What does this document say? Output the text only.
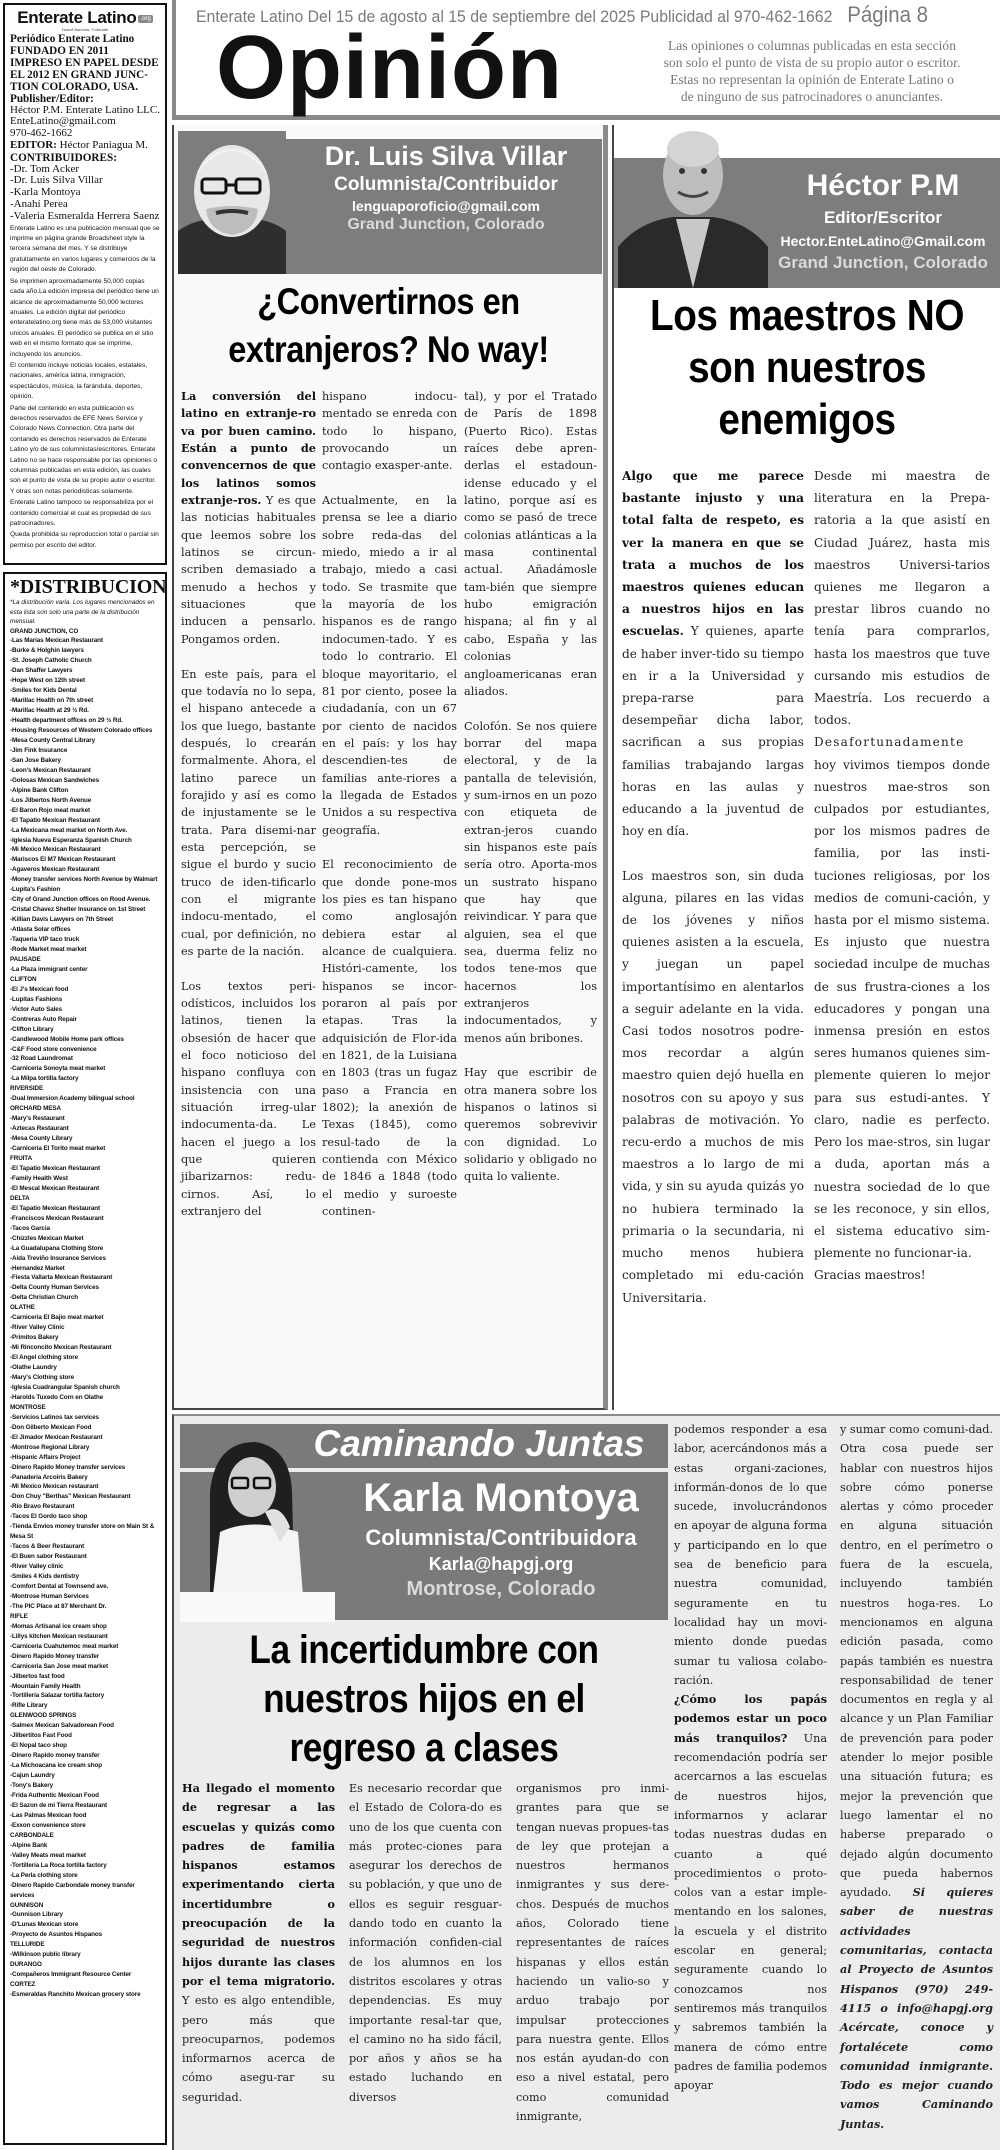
Enterate Latino .org
Grand Junction, Colorado
Periódico Enterate Latino
FUNDADO EN 2011
IMPRESO EN PAPEL DESDE EL 2012 EN GRAND JUNC-TION COLORADO, USA.
Publisher/Editor:
Héctor P.M. Enterate Latino LLC.
EnteLatino@gmail.com
970-462-1662
EDITOR: Héctor Paniagua M.
CONTRIBUIDORES:
-Dr. Tom Acker
-Dr. Luis Silva Villar
-Karla Montoya
-Anahí Perea
-Valeria Esmeralda Herrera Saenz
Enterate Latino es una publicación mensual que se imprime en página grande Broadsheet style la tercera semana del mes. Y se distribuye gratuitamente en varios lugares y comercios de la región del oeste de Colorado.
Se imprimen aproximadamente 50,000 copias cada año.La edición impresa del periódico tiene un alcance de aproximadamente 50,000 lectores anuales. La edición digital del periódico enteratelatino.org tiene más de 53,000 visitantes unicos anuales. El periódico se publica en el sitio web en el mismo formato que se imprime, incluyendo los anuncios.
El contenido incluye noticias locales, estatales, nacionales, américa latina, inmigración, espectáculos, música, la farándula, deportes, opinión.
Parte del contenido en esta publicación es derechos reservados de EFE News Service y Colorado News Connection. Otra parte del contanido es derechos reservados de Enterate Latino y/o de sus columnistas/escritores. Enterate Latino no se hace responsable por las opiniones o columnas publicadas en esta edición, las cuales son el punto de vista de su propio autor o escritor. Y otras son notas periodisticas solamente.
Enterate Latino tampoco se responsabiliza por el contenido comercial el cual es propiedad de sus patrocinadores.
Queda prohibida su reproduccion total o parcial sin permiso por escrito del editor.
*DISTRIBUCION
*La distribución varia. Los lugares mencionados en esta lista son solo una parte de la distribución mensual.
GRAND JUNCTION, CO
-Las Marias Mexican Restaurant
-Burke & Holghin lawyers
-St. Joseph Catholic Church
-Dan Shaffer Lawyers
-Hope West on 12th street
-Smiles for Kids Dental
-Marillac Health on 7th street
-Marillac Health at 29 ½ Rd.
-Health department offices on 29 ½ Rd.
-Housing Resources of Western Colorado offices
-Mesa County Central Library
-Jim Fink Insurance
-San Jose Bakery
-Leon's Mexican Restaurant
-Golosas Mexican Sandwiches
-Alpine Bank Clifton
-Los Jilbertos North Avenue
-El Baron Rojo meat market
-El Tapatio Mexican Restaurant
-La Mexicana meat market on North Ave.
-Iglesia Nueva Esperanza Spanish Church
-Mi Mexico Mexican Restaurant
-Mariscos El M7 Mexican Restaurant
-Agaveros Mexican Restaurant
-Money transfer services North Avenue by Walmart
-Lupita's Fashion
-City of Grand Junction offices on Rood Avenue.
-Cristal Chavez Shelter Insurance on 1st Street
-Killian Davis Lawyers on 7th Street
-Atlasta Solar offices
-Taqueria VIP taco truck
-Rode Market meat market
PALISADE
-La Plaza immigrant center
CLIFTON
-El J's Mexican food
-Lupitas Fashions
-Victor Auto Sales
-Contreras Auto Repair
-Clifton Library
-Candlewood Mobile Home park offices
-C&F Food store convenience
-32 Road Laundromat
-Carniceria Sonoyta meat market
-La Milpa tortilla factory
RIVERSIDE
-Dual Immersion Academy bilingual school
ORCHARD MESA
-Mary's Restaurant
-Aztecas Restaurant
-Mesa County Library
-Carniceria El Torito meat market
FRUITA
-El Tapatio Mexican Restaurant
-Family Health West
-El Mescal Mexican Restaurant
DELTA
-El Tapatio Mexican Restaurant
-Franciscos Mexican Restaurant
-Tacos Garcia
-Chizzles Mexican Market
-La Guadalupana Clothing Store
-Aida Treviño Insurance Services
-Hernandez Market
-Fiesta Vallarta Mexican Restaurant
-Delta County Human Services
-Delta Christian Church
OLATHE
-Carniceria El Bajio meat market
-River Valley Clinic
-Primitos Bakery
-Mi Rinconcito Mexican Restaurant
-El Angel clothing store
-Olathe Laundry
-Mary's Clothing store
-Iglesia Cuadrangular Spanish church
-Harolds Tuxedo Corn en Olathe
MONTROSE
-Servicios Latinos tax services
-Don Gilberto Mexican Food
-El Jimador Mexican Restaurant
-Montrose Regional Library
-Hispanic Affairs Project
-Dinero Rapido Money transfer services
-Panaderia Arcoiris Bakery
-Mi Mexico Mexican restaurant
-Don Chuy "Berthas" Mexican Restaurant
-Rio Bravo Restaurant
-Tacos El Gordo taco shop
-Tienda Envios money transfer store on Main St & Mesa St
-Tacos & Beer Restaurant
-El Buen sabor Restaurant
-River Valley clinic
-Smiles 4 Kids dentistry
-Comfort Dental at Townsend ave.
-Montrose Human Services
-The PIC Place at 87 Merchant Dr.
RIFLE
-Momas Artisanal ice cream shop
-Lillys kitchen Mexican restaurant
-Carniceria Cuahutemoc meat market
-Dinero Rapido Money transfer
-Carniceria San Jose meat market
-Jilbertos fast food
-Mountain Family Health
-Tortilleria Salazar tortilla factory
-Rifle Library
GLENWOOD SPRINGS
-Salmex Mexican Salvadorean Food
-Jilbertitos Fast Food
-El Nopal taco shop
-Dinero Rapido money transfer
-La Michoacana ice cream shop
-Cajun Laundry
-Tony's Bakery
-Frida Authentic Mexican Food
-El Sazon de mi Tierra Restaurant
-Las Palmas Mexican food
-Exxon convenience store
CARBONDALE
-Alpine Bank
-Valley Meats meat market
-Tortilleria La Roca tortilla factory
-La Perla clothing store
-Dinero Rapido Carbondale money transfer services
GUNNISON
-Gunnison Library
-D'Lunas Mexican store
-Proyecto de Asuntos Hispanos
TELLURIDE
-Wilkinson public library
DURANGO
-Compañeros Immigrant Resource Center
CORTEZ
-Esmeraldas Ranchito Mexican grocery store
Enterate Latino Del 15 de agosto al 15 de septiembre del 2025 Publicidad al 970-462-1662 Página 8
Opinión	Las opiniones o columnas publicadas en esta sección
son solo el punto de vista de su propio autor o escritor.
Estas no representan la opinión de Enterate Latino o
de ninguno de sus patrocinadores o anunciantes.
Dr. Luis Silva Villar
Columnista/Contribuidor
lenguaporoficio@gmail.com
Grand Junction, Colorado
¿Convertirnos en
extranjeros? No way!

La conversión del latino en extranje-ro va por buen camino. Están a punto de convencernos de que los latinos somos extranje-ros. Y es que las noticias habituales que leemos sobre los latinos se circun-scriben demasiado a menudo a hechos y situaciones que inducen a pensarlo. Pongamos orden.

En este país, para el que todavía no lo sepa, el hispano antecede a los que luego, bastante después, lo crearán formalmente. Ahora, el latino parece un forajido y así es como de injustamente se le trata. Para disemi-nar esta percepción, se sigue el burdo y sucio truco de iden-tificarlo con el migrante indocu-mentado, el cual, por definición, no es parte de la nación.

Los textos peri-odísticos, incluidos los latinos, tienen la obsesión de hacer que el foco noticioso del hispano confluya con insistencia con una situación irreg-ular indocumenta-da. Le hacen el juego a los que quieren jibarizarnos: redu-cirnos. Así, lo extranjero del

hispano indocu-mentado se enreda con todo lo hispano, provocando un contagio exasper-ante.

Actualmente, en la prensa se lee a diario sobre reda-das del miedo, miedo a ir al trabajo, miedo a casi todo. Se trasmite que la mayoría de los hispanos es de rango indocumen-tado. Y es todo lo contrario. El bloque mayoritario, el 81 por ciento, posee la ciudadanía, con un 67 por ciento de nacidos en el país: y los hay descendien-tes de familias ante-riores a la llegada de Estados Unidos a su respectiva geografía.

El reconocimiento de que donde pone-mos los pies es tan hispano como anglosajón debiera estar al alcance de cualquiera. Históri-camente, los hispanos se incor-poraron al país por etapas. Tras la adquisición de Flor-ida en 1821, de la Luisiana en 1803 (tras un fugaz paso a Francia en 1802); la anexión de Texas (1845), como resul-tado de la contienda con México de 1846 a 1848 (todo el medio y suroeste continen-

tal), y por el Tratado de París de 1898 (Puerto Rico). Estas raíces debe apren-derlas el estadoun-idense educado y el latino, porque así es como se pasó de trece colonias atlánticas a la masa continental actual. Añadámosle tam-bién que siempre hubo emigración hispana; al fin y al cabo, España y las colonias angloamericanas eran aliados.

Colofón. Se nos quiere borrar del mapa electoral, y de la pantalla de televisión, y sum-irnos en un pozo con etiqueta de extran-jeros cuando sin hispanos este país sería otro. Aporta-mos un sustrato hispano que hay que reivindicar. Y para que alguien, sea el que sea, duerma feliz no todos tene-mos que hacernos los extranjeros indocumentados, y menos aún bribones.

Hay que escribir de otra manera sobre los hispanos o latinos si queremos sobrevivir con dignidad. Lo solidario y obligado no quita lo valiente.

Héctor P.M
Editor/Escritor
Hector.EnteLatino@Gmail.com
Grand Junction, Colorado
Los maestros NO
son nuestros
enemigos

Algo que me parece bastante injusto y una total falta de respeto, es ver la manera en que se trata a muchos de los maestros quienes educan a nuestros hijos en las escuelas. Y quienes, aparte de haber inver-tido su tiempo en ir a la Universidad y prepa-rarse para desempeñar dicha labor, sacrifican a sus propias familias trabajando largas horas en las aulas y educando a la juventud de hoy en día.

Los maestros son, sin duda alguna, pilares en las vidas de los jóvenes y niños quienes asisten a la escuela, y juegan un papel importantísimo en alentarlos a seguir adelante en la vida. Casi todos nosotros podre-mos recordar a algún maestro quien dejó huella en nosotros con su apoyo y sus palabras de motivación. Yo recu-erdo a muchos de mis maestros a lo largo de mi vida, y sin su ayuda quizás yo no hubiera terminado la primaria o la secundaria, ni mucho menos hubiera completado mi edu-cación Universitaria.

Desde mi maestra de literatura en la Prepa-ratoria a la que asistí en Ciudad Juárez, hasta mis maestros Universi-tarios quienes me llegaron a prestar libros cuando no tenía para comprarlos, hasta los maestros que tuve cursando mis estudios de Maestría. Los recuerdo a todos.

Desafortunadamente hoy vivimos tiempos donde nuestros mae-stros son culpados por estudiantes, por los mismos padres de familia, por las insti-tuciones religiosas, por los medios de comuni-cación, y hasta por el mismo sistema. Es injusto que nuestra sociedad inculpe de muchas de sus frustra-ciones a los educadores y pongan una inmensa presión en estos seres humanos quienes sim-plemente quieren lo mejor para sus estudi-antes. Y claro, nadie es perfecto. Pero los mae-stros, sin lugar a duda, aportan más a nuestra sociedad de lo que se les reconoce, y sin ellos, el sistema educativo sim-plemente no funcionar-ia.

Gracias maestros!

Caminando Juntas
Karla Montoya
Columnista/Contribuidora
Karla@hapgj.org
Montrose, Colorado
La incertidumbre con
nuestros hijos en el
regreso a clases

Ha llegado el momento de regresar a las escuelas y quizás como padres de familia hispanos estamos experimentando cierta incertidumbre o preocupación de la seguridad de nuestros hijos durante las clases por el tema migratorio. Y esto es algo entendible, pero más que preocuparnos, podemos informarnos acerca de cómo asegu-rar su seguridad.

Es necesario recordar que el Estado de Colora-do es uno de los que cuenta con más protec-ciones para asegurar los derechos de su población, y que uno de ellos es seguir resguar-dando todo en cuanto la información confiden-cial de los alumnos en los distritos escolares y otras dependencias. Es muy importante resal-tar que, el camino no ha sido fácil, por años y años se ha estado luchando en diversos

organismos pro inmi-grantes para que se tengan nuevas propues-tas de ley que protejan a nuestros hermanos inmigrantes y sus dere-chos. Después de muchos años, Colorado tiene representantes de raíces hispanas y ellos están haciendo un valio-so y arduo trabajo por impulsar protecciones para nuestra gente. Ellos nos están ayudan-do con eso a nivel estatal, pero como comunidad inmigrante,

podemos responder a esa labor, acercándonos más a estas organi-zaciones, informán-donos de lo que sucede, involucrándonos en apoyar de alguna forma y participando en lo que sea de beneficio para nuestra comunidad, seguramente en tu localidad hay un movi-miento donde puedas sumar tu valiosa colabo-ración.

¿Cómo los papás podemos estar un poco más tranquilos? Una recomendación podría ser acercarnos a las escuelas de nuestros hijos, informarnos y aclarar todas nuestras dudas en cuanto a qué procedimientos o proto-colos van a estar imple-mentando en los salones, la escuela y el distrito escolar en general; seguramente cuando lo conozcamos nos sentiremos más tranquilos y sabremos también la manera de cómo entre padres de familia podemos apoyar

y sumar como comuni-dad. Otra cosa puede ser hablar con nuestros hijos sobre cómo ponerse alertas y cómo proceder en alguna situación dentro, en el perímetro o fuera de la escuela, incluyendo también nuestros hoga-res. Lo mencionamos en alguna edición pasada, como papás también es nuestra responsabilidad de tener documentos en regla y al alcance y un Plan Familiar de prevención para poder atender lo mejor posible una situación futura; es mejor la prevención que luego lamentar el no haberse preparado o dejado algún documento que pueda habernos ayudado. Si quieres saber de nuestras actividades comunitarias, contacta al Proyecto de Asuntos Hispanos (970) 249-4115 o info@hapgj.org Acércate, conoce y fortalécete como comunidad inmigrante. Todo es mejor cuando vamos Caminando Juntas.
